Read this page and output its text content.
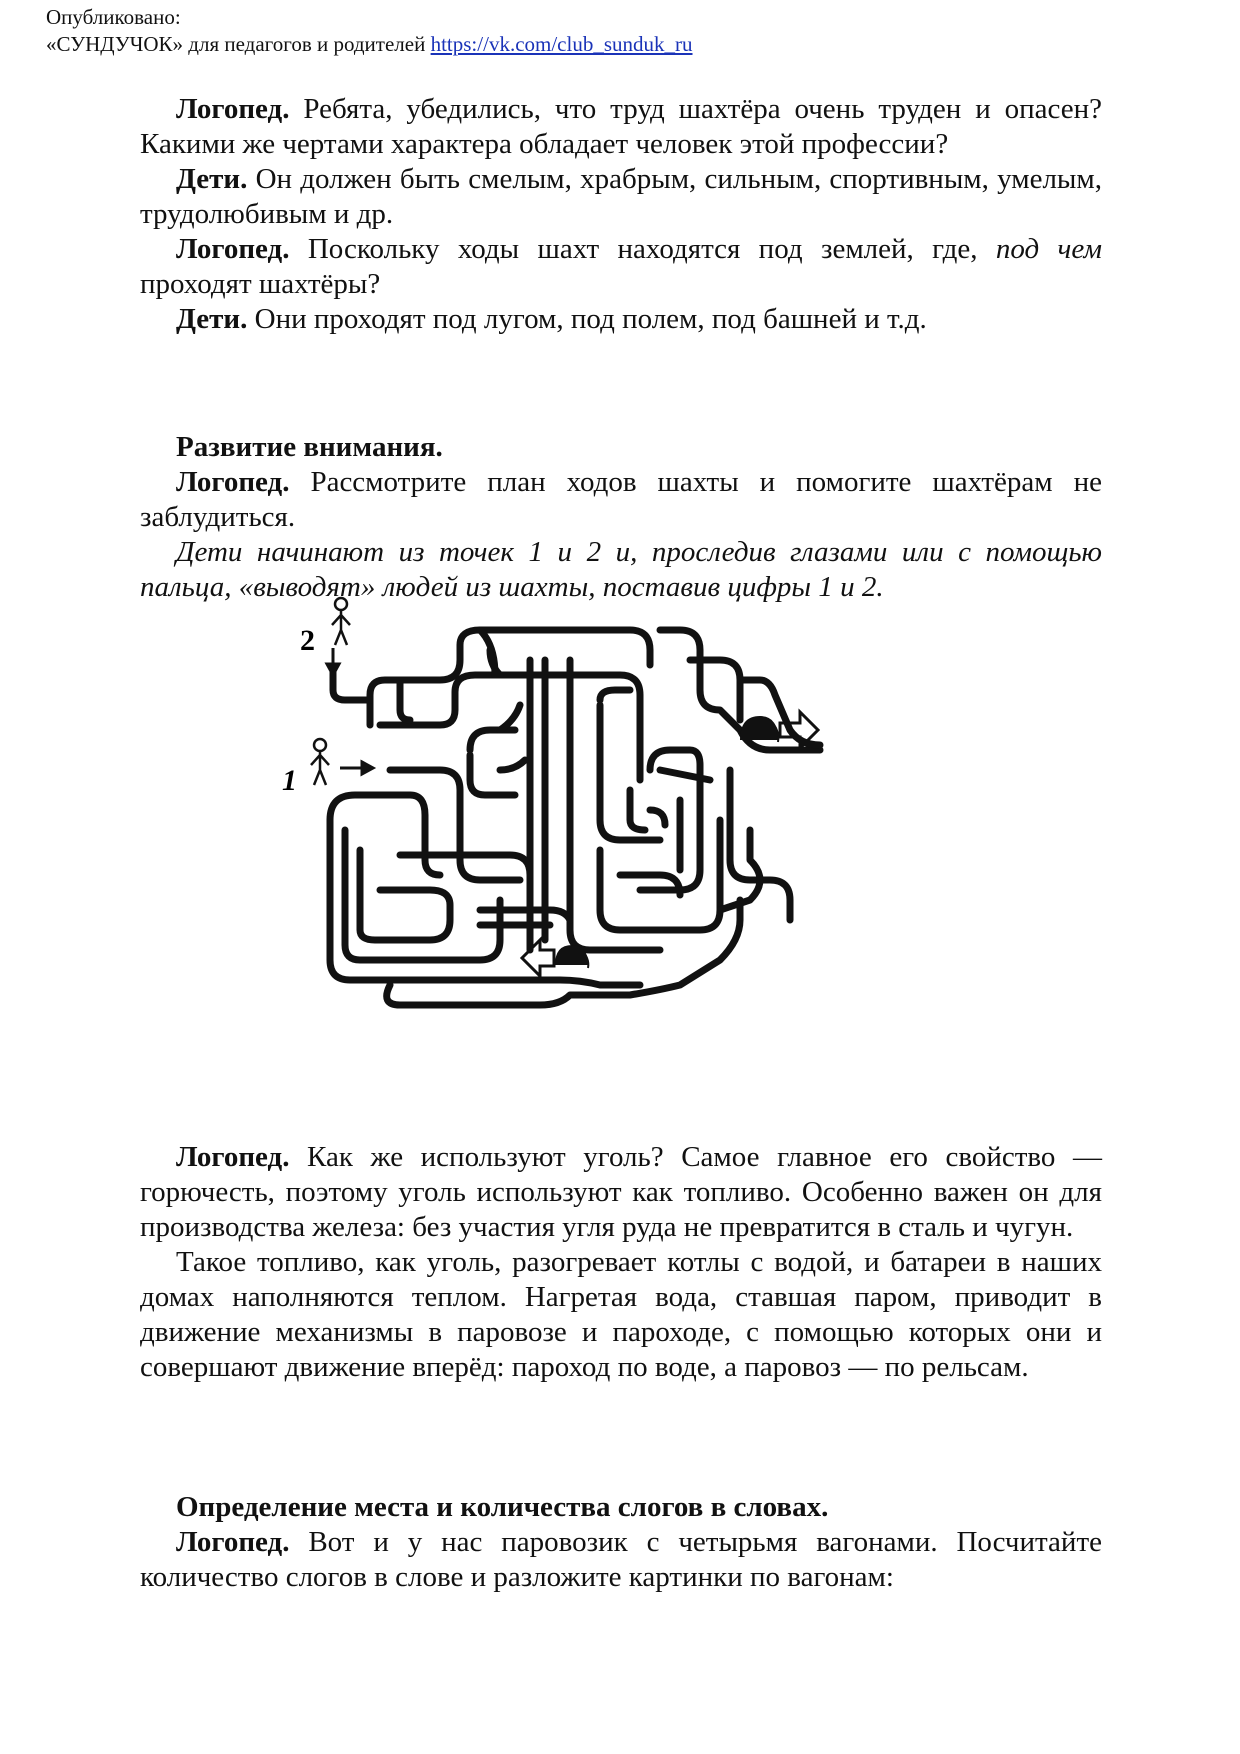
Опубликовано:
«СУНДУЧОК» для педагогов и родителей https://vk.com/club_sunduk_ru

Логопед. Ребята, убедились, что труд шахтёра очень труден и опасен? Какими же чертами характера обладает человек этой профессии?

Дети. Он должен быть смелым, храбрым, сильным, спортивным, умелым, трудолюбивым и др.

Логопед. Поскольку ходы шахт находятся под землей, где, под чем проходят шахтёры?

Дети. Они проходят под лугом, под полем, под башней и т.д.

Развитие внимания.

Логопед. Рассмотрите план ходов шахты и помогите шахтёрам не заблудиться.

Дети начинают из точек 1 и 2 и, проследив глазами или с помощью пальца, «выводят» людей из шахты, поставив цифры 1 и 2.

2
1

Логопед. Как же используют уголь? Самое главное его свойство — горючесть, поэтому уголь используют как топливо. Особенно важен он для производства железа: без участия угля руда не превратится в сталь и чугун.

Такое топливо, как уголь, разогревает котлы с водой, и батареи в наших домах наполняются теплом. Нагретая вода, ставшая паром, приводит в движение механизмы в паровозе и пароходе, с помощью которых они и совершают движение вперёд: пароход по воде, а паровоз — по рельсам.

Определение места и количества слогов в словах.

Логопед. Вот и у нас паровозик с четырьмя вагонами. Посчитайте количество слогов в слове и разложите картинки по вагонам:
